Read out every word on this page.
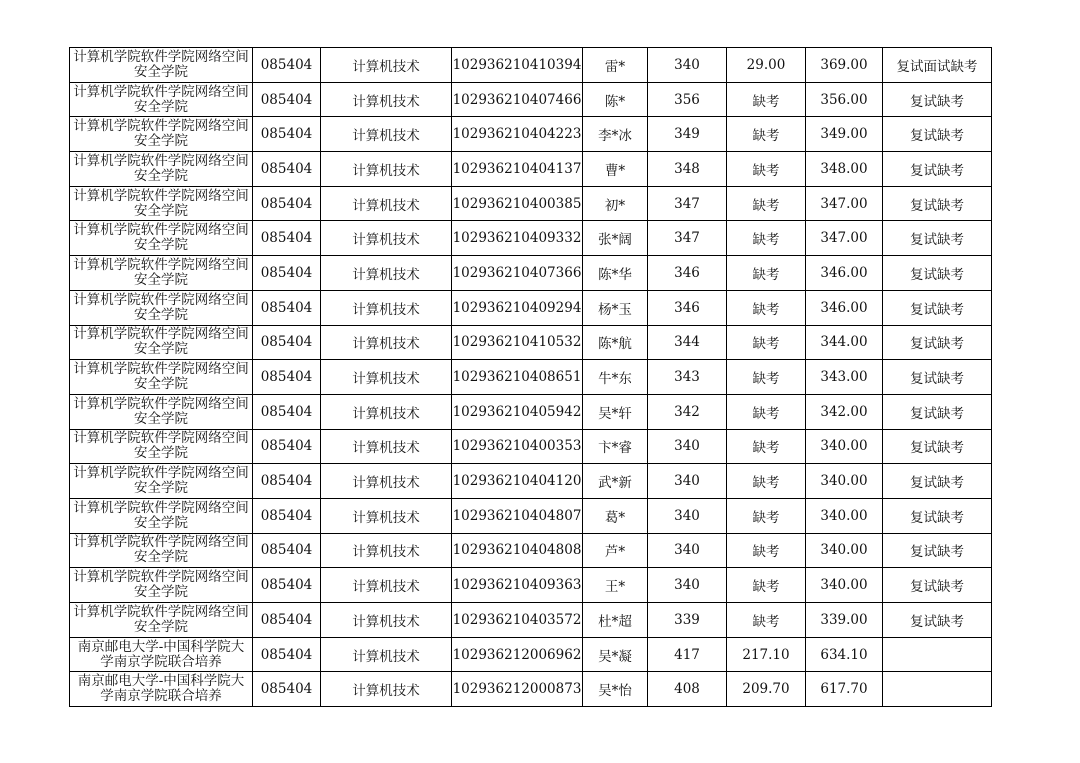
计算机学院软件学院网络空间安全学院	085404	计算机技术	102936210410394	雷*	340	29.00	369.00	复试面试缺考
计算机学院软件学院网络空间安全学院	085404	计算机技术	102936210407466	陈*	356	缺考	356.00	复试缺考
计算机学院软件学院网络空间安全学院	085404	计算机技术	102936210404223	李*冰	349	缺考	349.00	复试缺考
计算机学院软件学院网络空间安全学院	085404	计算机技术	102936210404137	曹*	348	缺考	348.00	复试缺考
计算机学院软件学院网络空间安全学院	085404	计算机技术	102936210400385	初*	347	缺考	347.00	复试缺考
计算机学院软件学院网络空间安全学院	085404	计算机技术	102936210409332	张*阔	347	缺考	347.00	复试缺考
计算机学院软件学院网络空间安全学院	085404	计算机技术	102936210407366	陈*华	346	缺考	346.00	复试缺考
计算机学院软件学院网络空间安全学院	085404	计算机技术	102936210409294	杨*玉	346	缺考	346.00	复试缺考
计算机学院软件学院网络空间安全学院	085404	计算机技术	102936210410532	陈*航	344	缺考	344.00	复试缺考
计算机学院软件学院网络空间安全学院	085404	计算机技术	102936210408651	牛*东	343	缺考	343.00	复试缺考
计算机学院软件学院网络空间安全学院	085404	计算机技术	102936210405942	吴*轩	342	缺考	342.00	复试缺考
计算机学院软件学院网络空间安全学院	085404	计算机技术	102936210400353	卞*睿	340	缺考	340.00	复试缺考
计算机学院软件学院网络空间安全学院	085404	计算机技术	102936210404120	武*新	340	缺考	340.00	复试缺考
计算机学院软件学院网络空间安全学院	085404	计算机技术	102936210404807	葛*	340	缺考	340.00	复试缺考
计算机学院软件学院网络空间安全学院	085404	计算机技术	102936210404808	芦*	340	缺考	340.00	复试缺考
计算机学院软件学院网络空间安全学院	085404	计算机技术	102936210409363	王*	340	缺考	340.00	复试缺考
计算机学院软件学院网络空间安全学院	085404	计算机技术	102936210403572	杜*超	339	缺考	339.00	复试缺考
南京邮电大学-中国科学院大学南京学院联合培养	085404	计算机技术	102936212006962	吴*凝	417	217.10	634.10	
南京邮电大学-中国科学院大学南京学院联合培养	085404	计算机技术	102936212000873	吴*怡	408	209.70	617.70	
